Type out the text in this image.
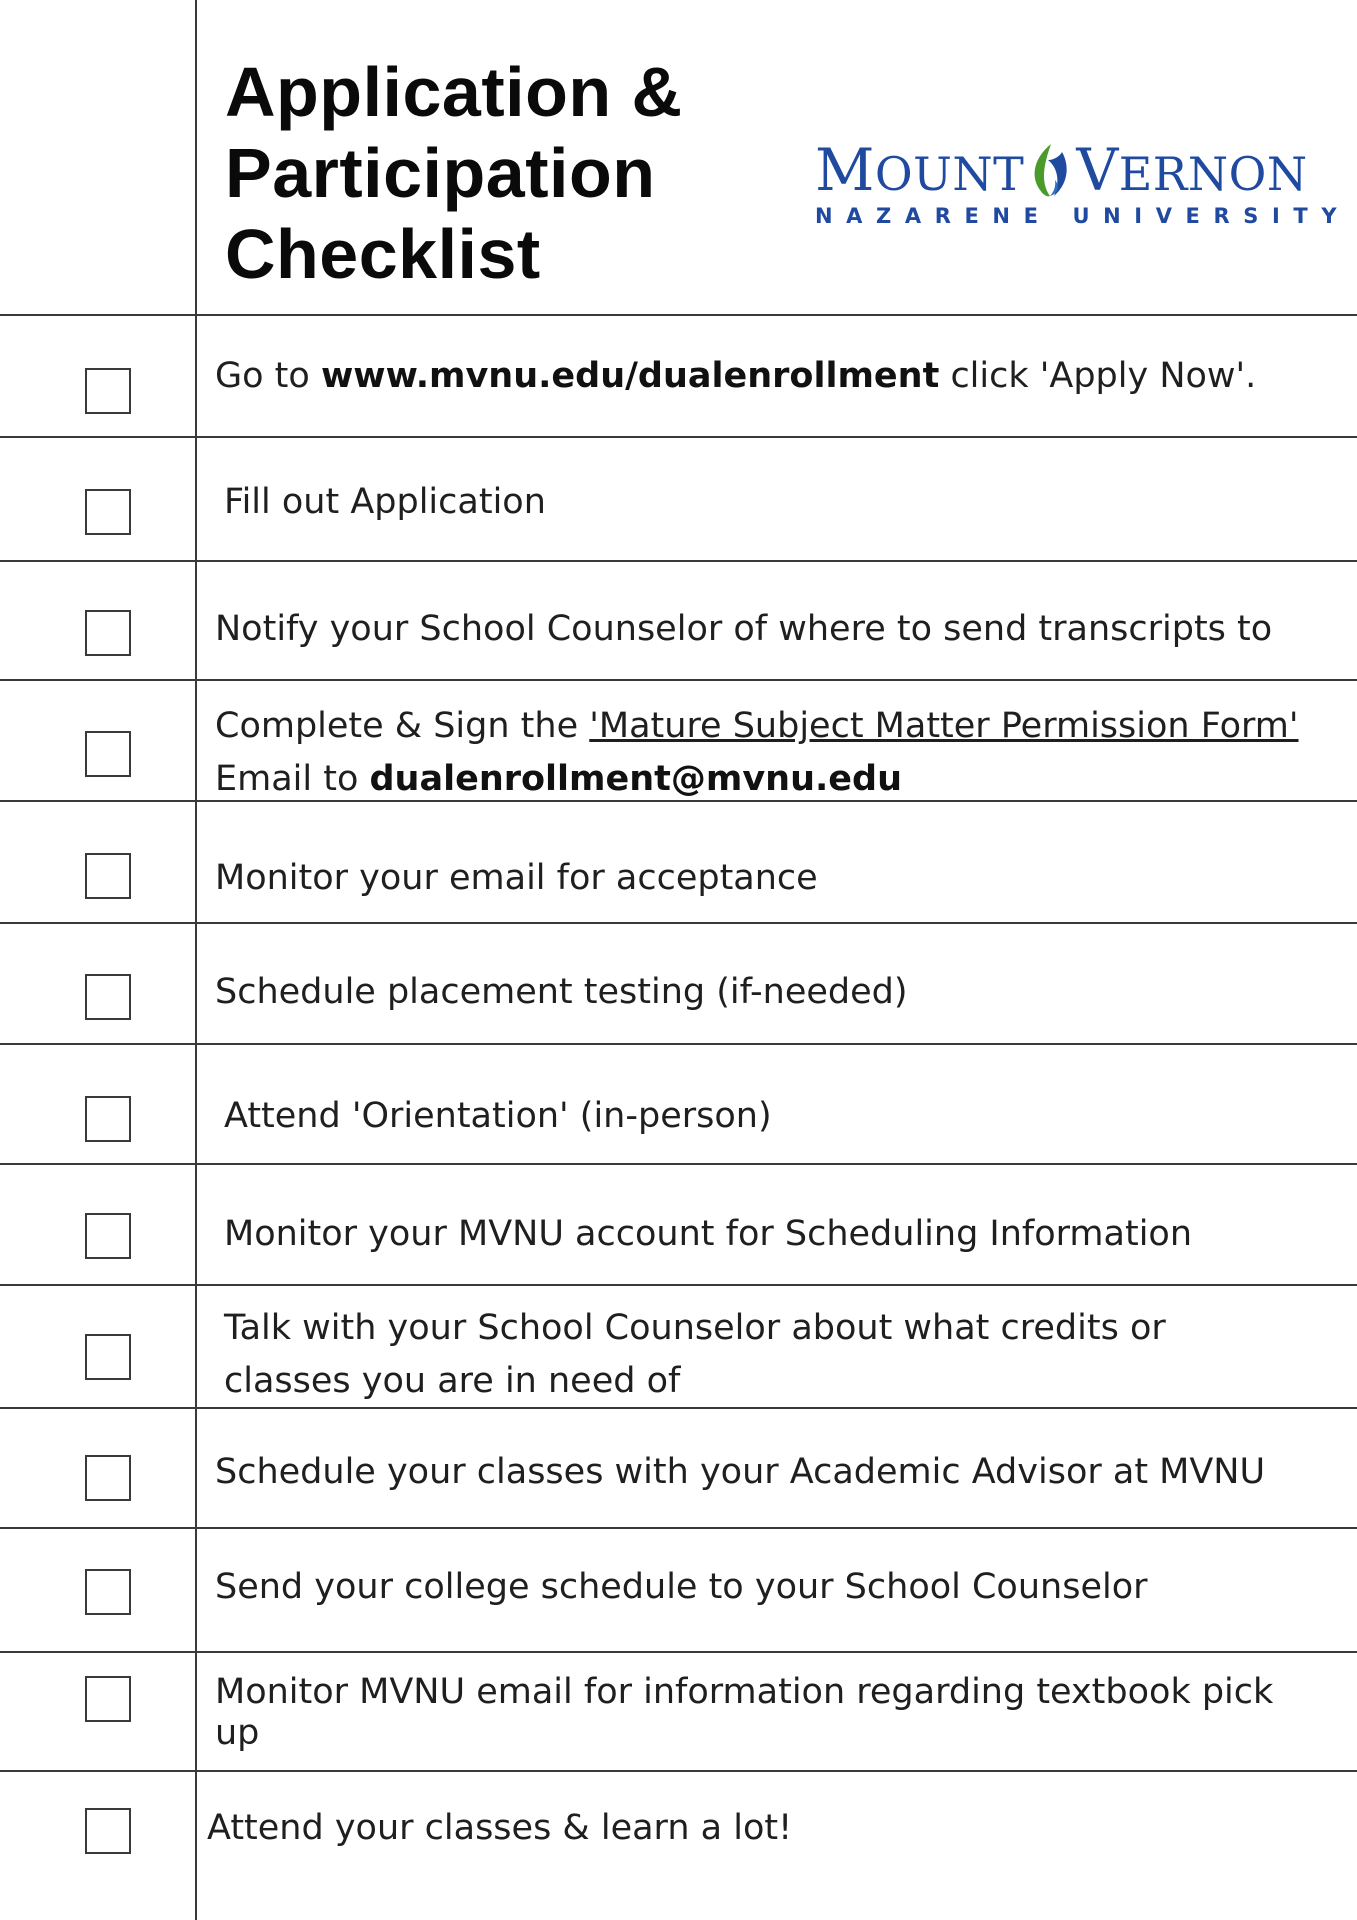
Application &
Participation
Checklist
MOUNT VERNON
NAZARENE UNIVERSITY

Go to www.mvnu.edu/dualenrollment click 'Apply Now'.

Fill out Application

Notify your School Counselor of where to send transcripts to

Complete & Sign the 'Mature Subject Matter Permission Form'

Email to dualenrollment@mvnu.edu

Monitor your email for acceptance

Schedule placement testing (if-needed)

Attend 'Orientation' (in-person)

Monitor your MVNU account for Scheduling Information

Talk with your School Counselor about what credits or

classes you are in need of

Schedule your classes with your Academic Advisor at MVNU

Send your college schedule to your School Counselor

Monitor MVNU email for information regarding textbook pick

up

Attend your classes & learn a lot!
